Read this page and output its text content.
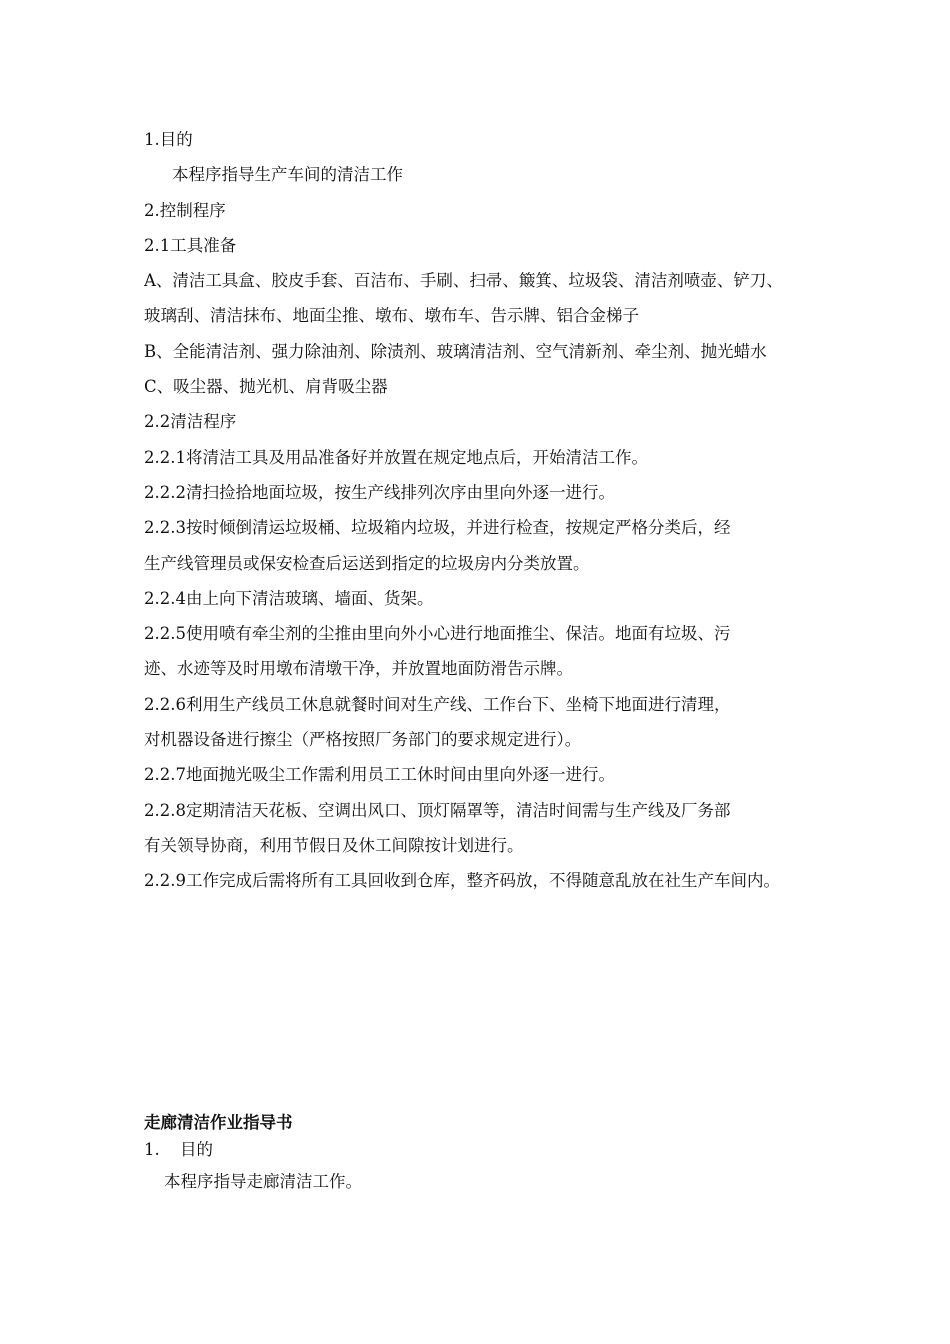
1.目的
本程序指导生产车间的清洁工作
2.控制程序
2.1工具准备
A、清洁工具盒、胶皮手套、百洁布、手刷、扫帚、簸箕、垃圾袋、清洁剂喷壶、铲刀、
玻璃刮、清洁抹布、地面尘推、墩布、墩布车、告示牌、铝合金梯子
B、全能清洁剂、强力除油剂、除渍剂、玻璃清洁剂、空气清新剂、牵尘剂、抛光蜡水
C、吸尘器、抛光机、肩背吸尘器
2.2清洁程序
2.2.1将清洁工具及用品准备好并放置在规定地点后，开始清洁工作。
2.2.2清扫捡拾地面垃圾，按生产线排列次序由里向外逐一进行。
2.2.3按时倾倒清运垃圾桶、垃圾箱内垃圾，并进行检查，按规定严格分类后，经
生产线管理员或保安检查后运送到指定的垃圾房内分类放置。
2.2.4由上向下清洁玻璃、墙面、货架。
2.2.5使用喷有牵尘剂的尘推由里向外小心进行地面推尘、保洁。地面有垃圾、污
迹、水迹等及时用墩布清墩干净，并放置地面防滑告示牌。
2.2.6利用生产线员工休息就餐时间对生产线、工作台下、坐椅下地面进行清理，
对机器设备进行擦尘（严格按照厂务部门的要求规定进行）。
2.2.7地面抛光吸尘工作需利用员工工休时间由里向外逐一进行。
2.2.8定期清洁天花板、空调出风口、顶灯隔罩等，清洁时间需与生产线及厂务部
有关领导协商，利用节假日及休工间隙按计划进行。
2.2.9工作完成后需将所有工具回收到仓库，整齐码放，不得随意乱放在社生产车间内。
走廊清洁作业指导书
1. 目的
本程序指导走廊清洁工作。
